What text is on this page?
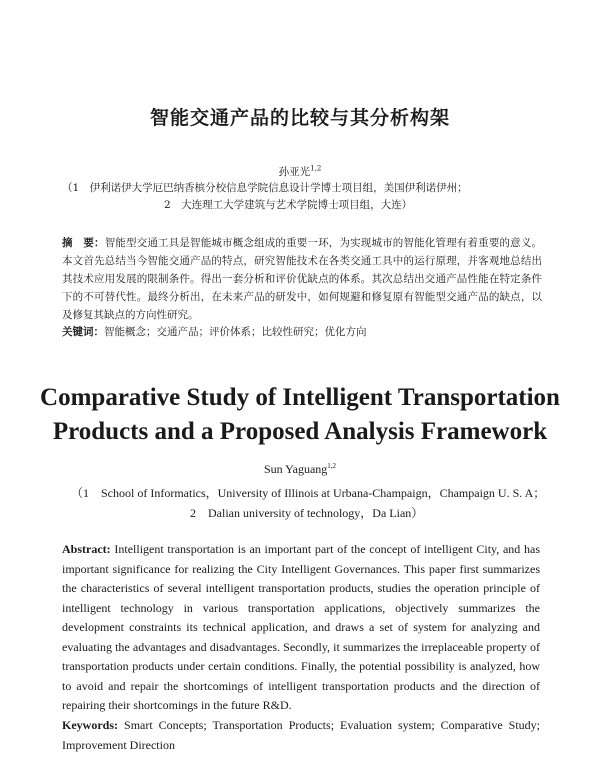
智能交通产品的比较与其分析构架
孙亚光$^{1,2}$
（1　伊利诺伊大学厄巴纳香槟分校信息学院信息设计学博士项目组，美国伊利诺伊州；
2　大连理工大学建筑与艺术学院博士项目组，大连）
摘　要：智能型交通工具是智能城市概念组成的重要一环，为实现城市的智能化管理有着重要的意义。本文首先总结当今智能交通产品的特点，研究智能技术在各类交通工具中的运行原理，并客观地总结出其技术应用发展的限制条件。得出一套分析和评价优缺点的体系。其次总结出交通产品性能在特定条件下的不可替代性。最终分析出，在未来产品的研发中，如何规避和修复原有智能型交通产品的缺点，以及修复其缺点的方向性研究。
关键词：智能概念；交通产品；评价体系；比较性研究；优化方向
Comparative Study of Intelligent Transportation
Products and a Proposed Analysis Framework
Sun Yaguang$^{1,2}$
（1　School of Informatics，University of Illinois at Urbana-Champaign，Champaign U. S. A；
2　Dalian university of technology，Da Lian）
Abstract: Intelligent transportation is an important part of the concept of intelligent City, and has important significance for realizing the City Intelligent Governances. This paper first summarizes the characteristics of several intelligent transportation products, studies the operation principle of intelligent technology in various transportation applications, objectively summarizes the development constraints its technical application, and draws a set of system for analyzing and evaluating the advantages and disadvantages. Secondly, it summarizes the irreplaceable property of transportation products under certain conditions. Finally, the potential possibility is analyzed, how to avoid and repair the shortcomings of intelligent transportation products and the direction of repairing their shortcomings in the future R&D.
Keywords: Smart Concepts; Transportation Products; Evaluation system; Comparative Study; Improvement Direction
